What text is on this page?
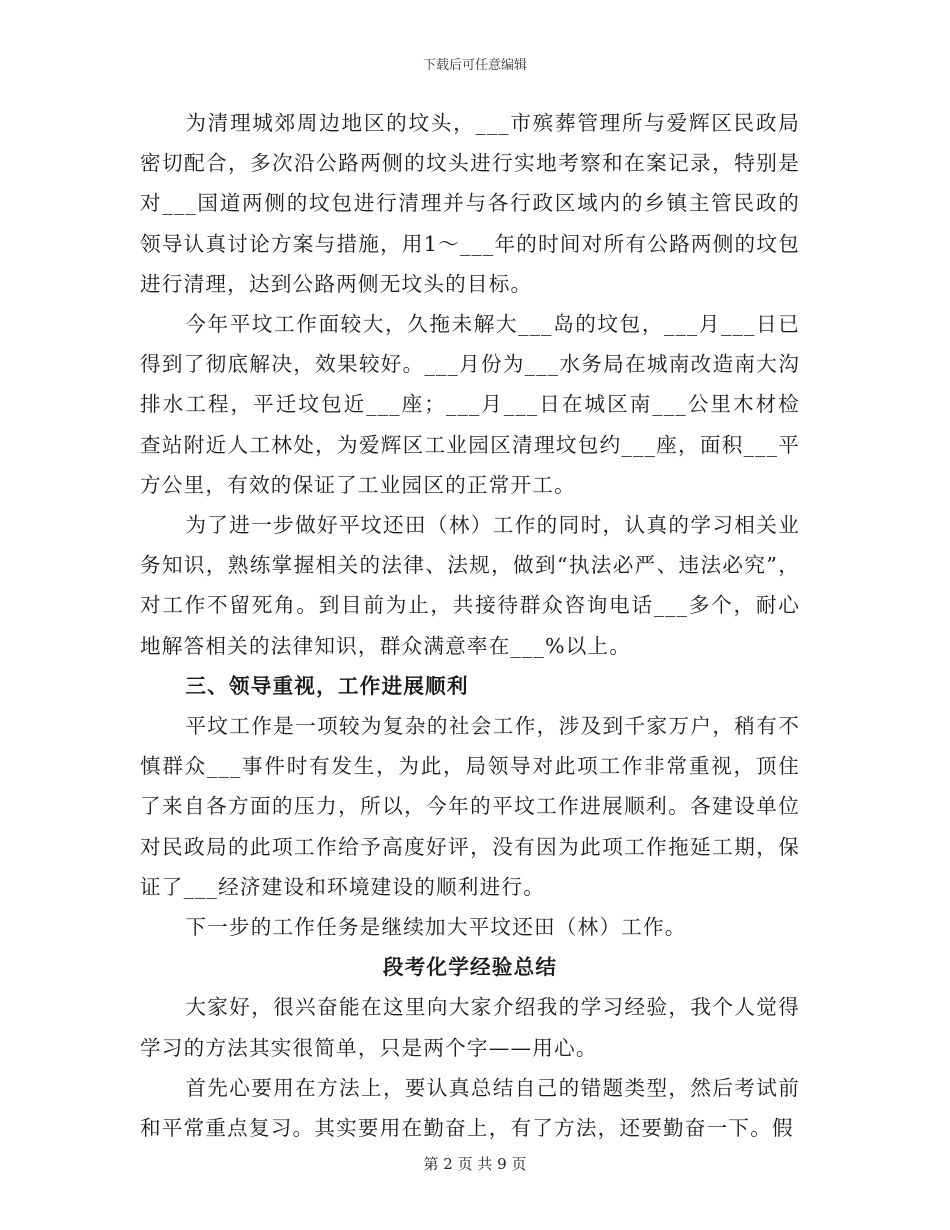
下载后可任意编辑

为清理城郊周边地区的坟头，___市殡葬管理所与爱辉区民政局密切配合，多次沿公路两侧的坟头进行实地考察和在案记录，特别是对___国道两侧的坟包进行清理并与各行政区域内的乡镇主管民政的领导认真讨论方案与措施，用1～___年的时间对所有公路两侧的坟包进行清理，达到公路两侧无坟头的目标。

今年平坟工作面较大，久拖未解大___岛的坟包，___月___日已得到了彻底解决，效果较好。___月份为___水务局在城南改造南大沟排水工程，平迁坟包近___座；___月___日在城区南___公里木材检查站附近人工林处，为爱辉区工业园区清理坟包约___座，面积___平方公里，有效的保证了工业园区的正常开工。

为了进一步做好平坟还田（林）工作的同时，认真的学习相关业务知识，熟练掌握相关的法律、法规，做到“执法必严、违法必究”，对工作不留死角。到目前为止，共接待群众咨询电话___多个，耐心地解答相关的法律知识，群众满意率在___%以上。

三、领导重视，工作进展顺利

平坟工作是一项较为复杂的社会工作，涉及到千家万户，稍有不慎群众___事件时有发生，为此，局领导对此项工作非常重视，顶住了来自各方面的压力，所以，今年的平坟工作进展顺利。各建设单位对民政局的此项工作给予高度好评，没有因为此项工作拖延工期，保证了___经济建设和环境建设的顺利进行。

下一步的工作任务是继续加大平坟还田（林）工作。

段考化学经验总结

大家好，很兴奋能在这里向大家介绍我的学习经验，我个人觉得学习的方法其实很简单，只是两个字——用心。

首先心要用在方法上，要认真总结自己的错题类型，然后考试前和平常重点复习。其实要用在勤奋上，有了方法，还要勤奋一下。假

第 2 页 共 9 页
